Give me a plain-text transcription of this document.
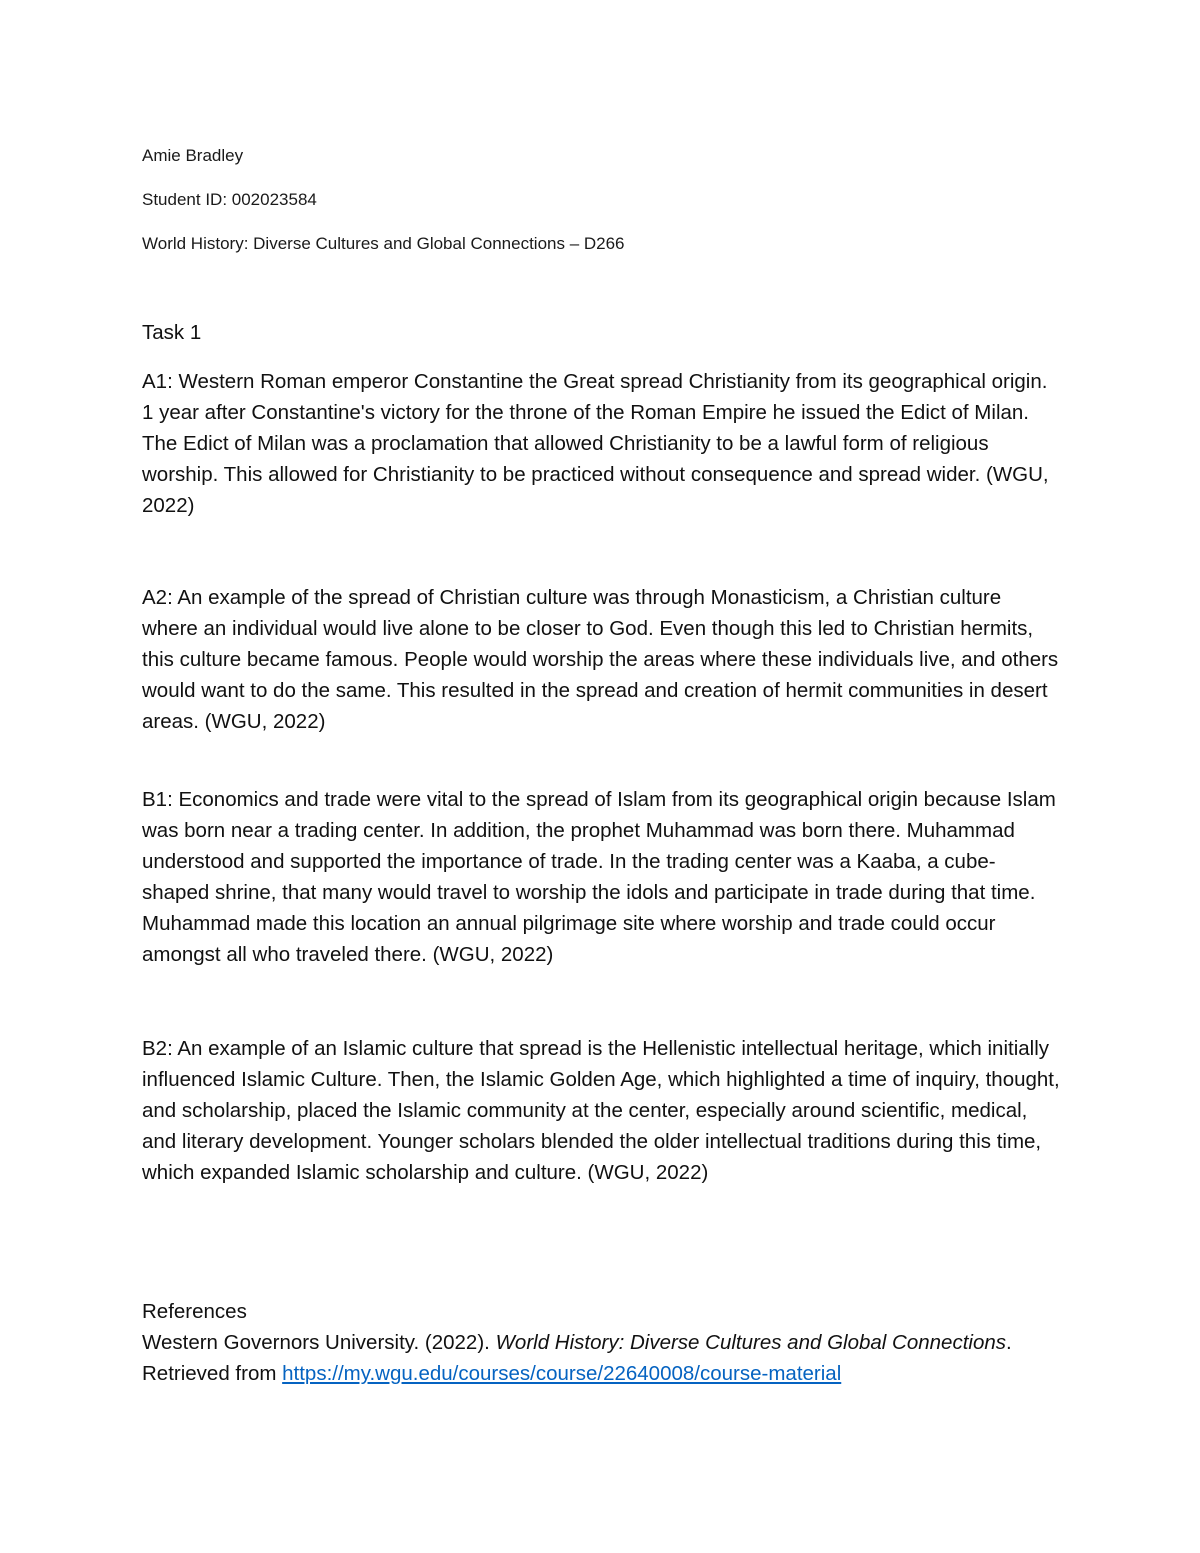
Amie Bradley
Student ID: 002023584
World History: Diverse Cultures and Global Connections – D266
Task 1

A1: Western Roman emperor Constantine the Great spread Christianity from its geographical origin. 1 year after Constantine's victory for the throne of the Roman Empire he issued the Edict of Milan. The Edict of Milan was a proclamation that allowed Christianity to be a lawful form of religious worship. This allowed for Christianity to be practiced without consequence and spread wider. (WGU, 2022)

A2: An example of the spread of Christian culture was through Monasticism, a Christian culture where an individual would live alone to be closer to God. Even though this led to Christian hermits, this culture became famous. People would worship the areas where these individuals live, and others would want to do the same. This resulted in the spread and creation of hermit communities in desert areas. (WGU, 2022)

B1: Economics and trade were vital to the spread of Islam from its geographical origin because Islam was born near a trading center. In addition, the prophet Muhammad was born there. Muhammad understood and supported the importance of trade. In the trading center was a Kaaba, a cube-shaped shrine, that many would travel to worship the idols and participate in trade during that time. Muhammad made this location an annual pilgrimage site where worship and trade could occur amongst all who traveled there. (WGU, 2022)

B2: An example of an Islamic culture that spread is the Hellenistic intellectual heritage, which initially influenced Islamic Culture. Then, the Islamic Golden Age, which highlighted a time of inquiry, thought, and scholarship, placed the Islamic community at the center, especially around scientific, medical, and literary development. Younger scholars blended the older intellectual traditions during this time, which expanded Islamic scholarship and culture. (WGU, 2022)

References
Western Governors University. (2022). World History: Diverse Cultures and Global Connections.
Retrieved from https://my.wgu.edu/courses/course/22640008/course-material
